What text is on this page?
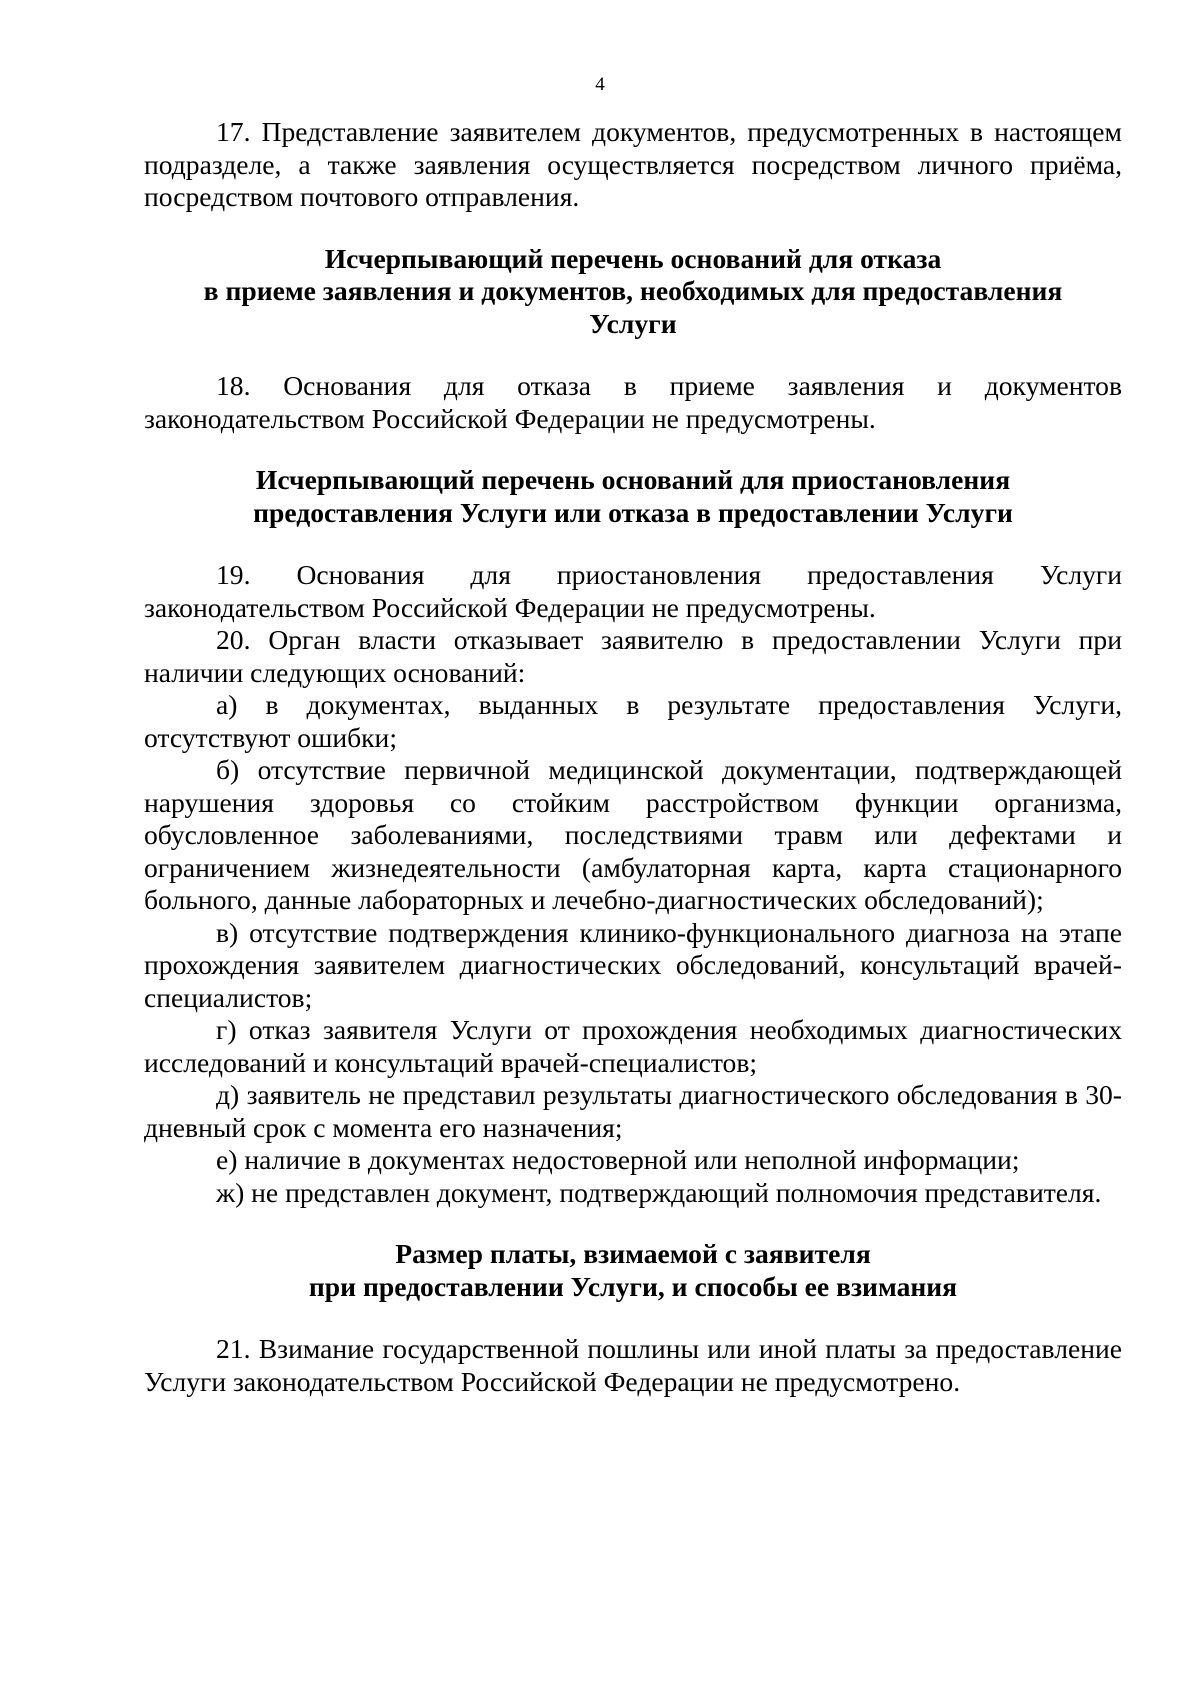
4

17. Представление заявителем документов, предусмотренных в настоящем подразделе, а также заявления осуществляется посредством личного приёма, посредством почтового отправления.

Исчерпывающий перечень оснований для отказа
в приеме заявления и документов, необходимых для предоставления
Услуги

18. Основания для отказа в приеме заявления и документов законодательством Российской Федерации не предусмотрены.

Исчерпывающий перечень оснований для приостановления
предоставления Услуги или отказа в предоставлении Услуги

19. Основания для приостановления предоставления Услуги законодательством Российской Федерации не предусмотрены.

20. Орган власти отказывает заявителю в предоставлении Услуги при наличии следующих оснований:

а) в документах, выданных в результате предоставления Услуги, отсутствуют ошибки;

б) отсутствие первичной медицинской документации, подтверждающей нарушения здоровья со стойким расстройством функции организма, обусловленное заболеваниями, последствиями травм или дефектами и ограничением жизнедеятельности (амбулаторная карта, карта стационарного больного, данные лабораторных и лечебно-диагностических обследований);

в) отсутствие подтверждения клинико-функционального диагноза на этапе прохождения заявителем диагностических обследований, консультаций врачей-специалистов;

г) отказ заявителя Услуги от прохождения необходимых диагностических исследований и консультаций врачей-специалистов;

д) заявитель не представил результаты диагностического обследования в 30-дневный срок с момента его назначения;

е) наличие в документах недостоверной или неполной информации;

ж) не представлен документ, подтверждающий полномочия представителя.

Размер платы, взимаемой с заявителя
при предоставлении Услуги, и способы ее взимания

21. Взимание государственной пошлины или иной платы за предоставление Услуги законодательством Российской Федерации не предусмотрено.
